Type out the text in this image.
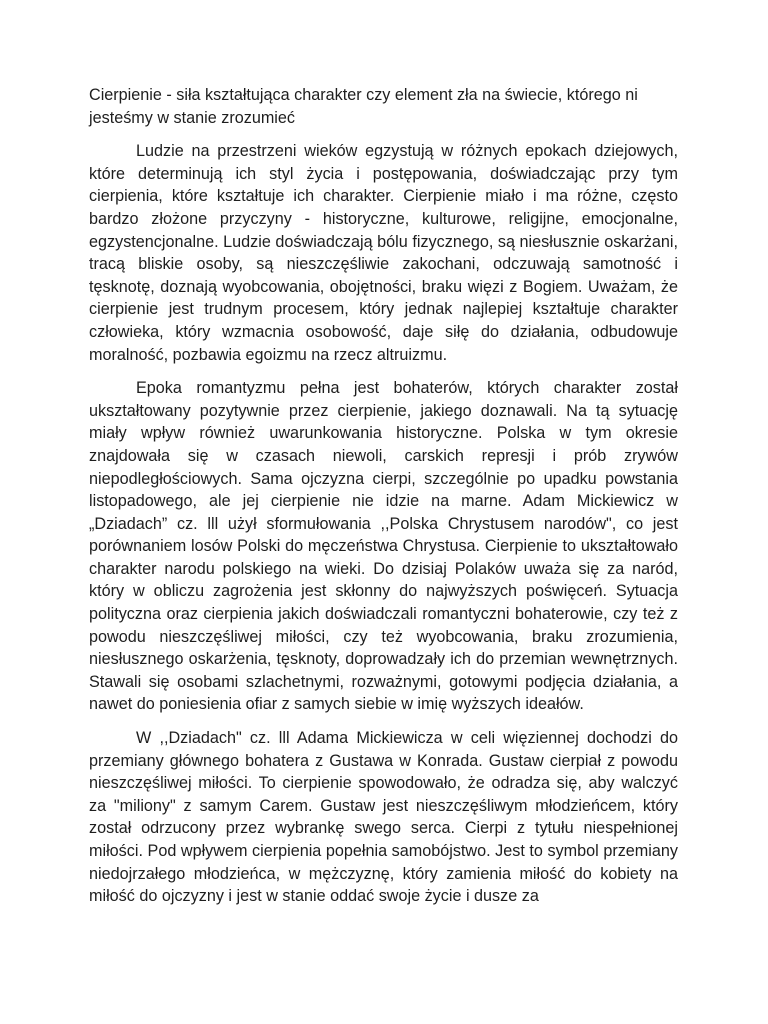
Cierpienie - siła kształtująca charakter czy element zła na świecie, którego ni jesteśmy w stanie zrozumieć

Ludzie na przestrzeni wieków egzystują w różnych epokach dziejowych, które determinują ich styl życia i postępowania, doświadczając przy tym cierpienia, które kształtuje ich charakter. Cierpienie miało i ma różne, często bardzo złożone przyczyny - historyczne, kulturowe, religijne, emocjonalne, egzystencjonalne. Ludzie doświadczają bólu fizycznego, są niesłusznie oskarżani, tracą bliskie osoby, są nieszczęśliwie zakochani, odczuwają samotność i tęsknotę, doznają wyobcowania, obojętności, braku więzi z Bogiem. Uważam, że cierpienie jest trudnym procesem, który jednak najlepiej kształtuje charakter człowieka, który wzmacnia osobowość, daje siłę do działania, odbudowuje moralność, pozbawia egoizmu na rzecz altruizmu.

Epoka romantyzmu pełna jest bohaterów, których charakter został ukształtowany pozytywnie przez cierpienie, jakiego doznawali. Na tą sytuację miały wpływ również uwarunkowania historyczne. Polska w tym okresie znajdowała się w czasach niewoli, carskich represji i prób zrywów niepodległościowych. Sama ojczyzna cierpi, szczególnie po upadku powstania listopadowego, ale jej cierpienie nie idzie na marne. Adam Mickiewicz w „Dziadach” cz. lll użył sformułowania ,,Polska Chrystusem narodów", co jest porównaniem losów Polski do męczeństwa Chrystusa. Cierpienie to ukształtowało charakter narodu polskiego na wieki. Do dzisiaj Polaków uważa się za naród, który w obliczu zagrożenia jest skłonny do najwyższych poświęceń. Sytuacja polityczna oraz cierpienia jakich doświadczali romantyczni bohaterowie, czy też z powodu nieszczęśliwej miłości, czy też wyobcowania, braku zrozumienia, niesłusznego oskarżenia, tęsknoty, doprowadzały ich do przemian wewnętrznych. Stawali się osobami szlachetnymi, rozważnymi, gotowymi podjęcia działania, a nawet do poniesienia ofiar z samych siebie w imię wyższych ideałów.

W ,,Dziadach" cz. lll Adama Mickiewicza w celi więziennej dochodzi do przemiany głównego bohatera z Gustawa w Konrada. Gustaw cierpiał z powodu nieszczęśliwej miłości. To cierpienie spowodowało, że odradza się, aby walczyć za "miliony" z samym Carem. Gustaw jest nieszczęśliwym młodzieńcem, który został odrzucony przez wybrankę swego serca. Cierpi z tytułu niespełnionej miłości. Pod wpływem cierpienia popełnia samobójstwo. Jest to symbol przemiany niedojrzałego młodzieńca, w mężczyznę, który zamienia miłość do kobiety na miłość do ojczyzny i jest w stanie oddać swoje życie i dusze za
